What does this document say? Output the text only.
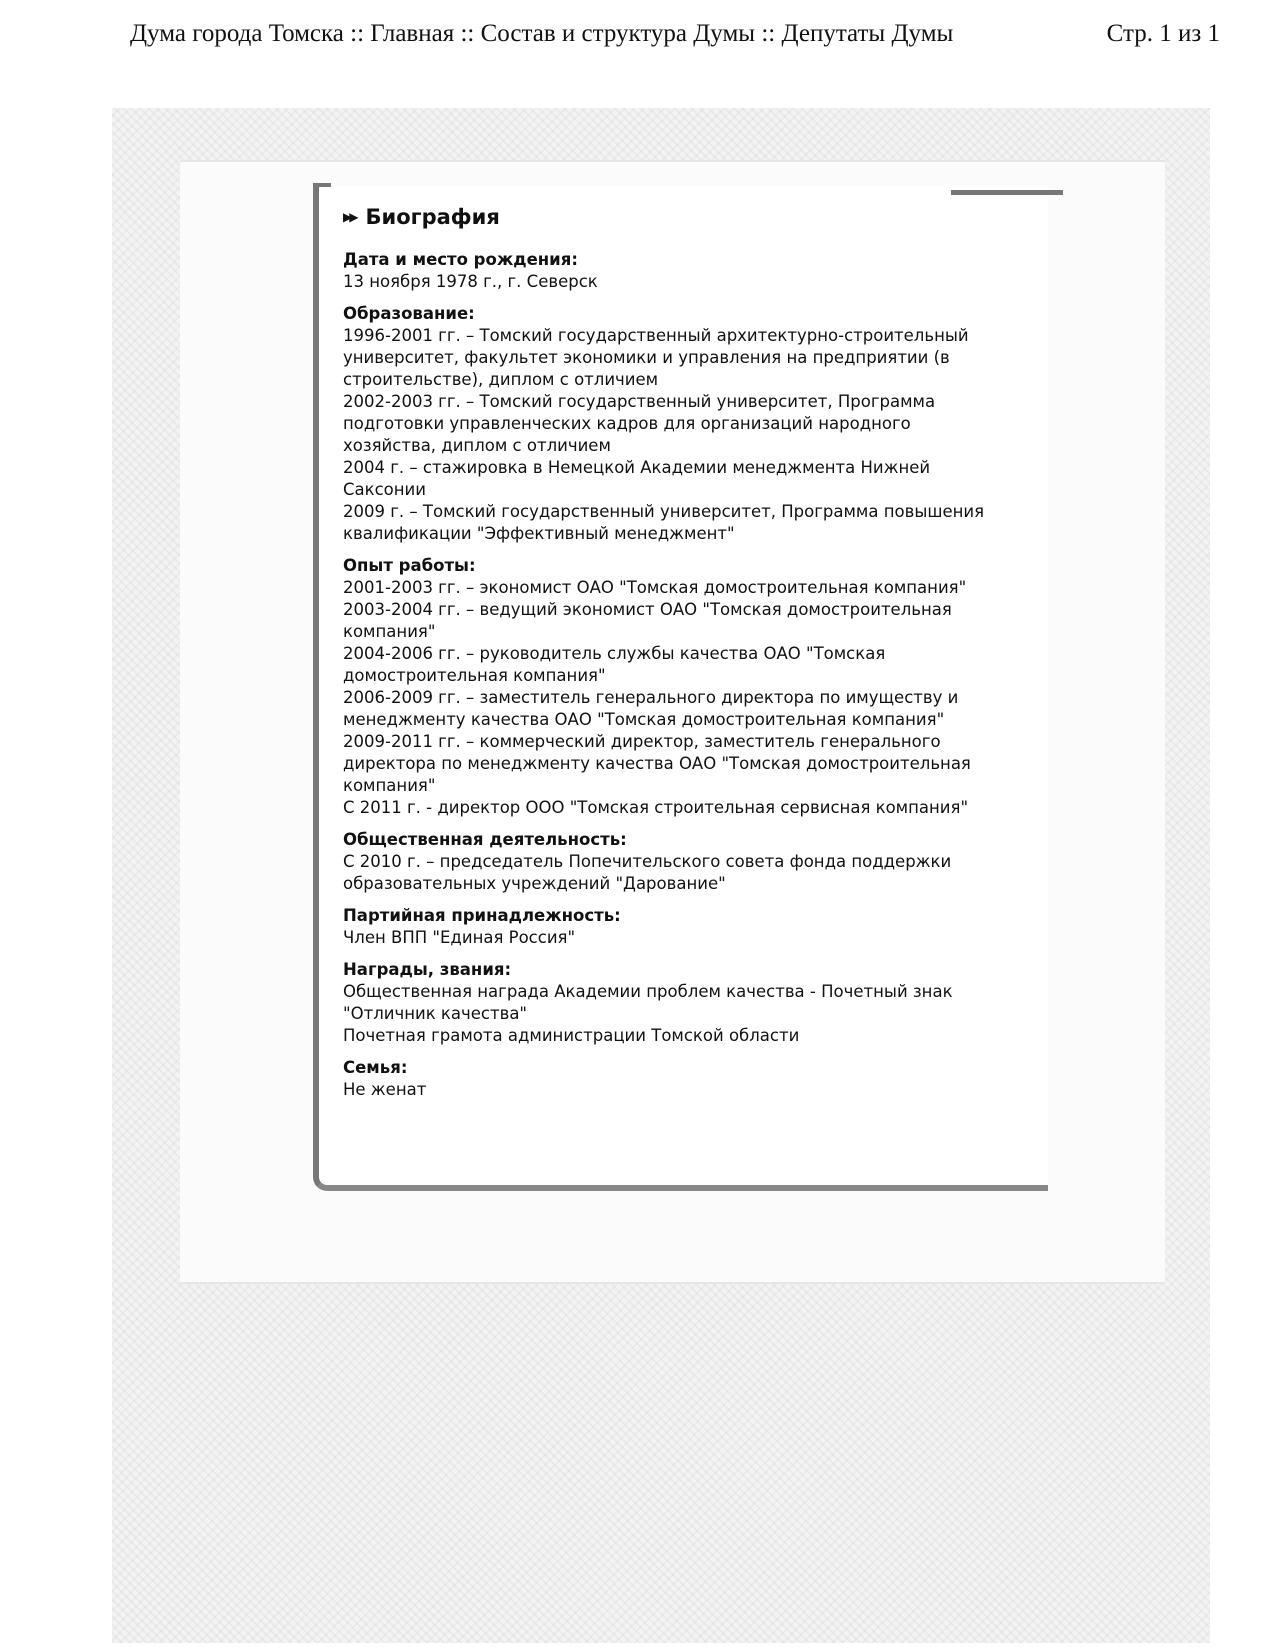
Дума города Томска :: Главная :: Состав и структура Думы :: Депутаты Думы	Стр. 1 из 1
▶▶ Биография
Дата и место рождения:
13 ноября 1978 г., г. Северск
Образование:
1996-2001 гг. – Томский государственный архитектурно-строительный
университет, факультет экономики и управления на предприятии (в
строительстве), диплом с отличием
2002-2003 гг. – Томский государственный университет, Программа
подготовки управленческих кадров для организаций народного
хозяйства, диплом с отличием
2004 г. – стажировка в Немецкой Академии менеджмента Нижней
Саксонии
2009 г. – Томский государственный университет, Программа повышения
квалификации "Эффективный менеджмент"
Опыт работы:
2001-2003 гг. – экономист ОАО "Томская домостроительная компания"
2003-2004 гг. – ведущий экономист ОАО "Томская домостроительная
компания"
2004-2006 гг. – руководитель службы качества ОАО "Томская
домостроительная компания"
2006-2009 гг. – заместитель генерального директора по имуществу и
менеджменту качества ОАО "Томская домостроительная компания"
2009-2011 гг. – коммерческий директор, заместитель генерального
директора по менеджменту качества ОАО "Томская домостроительная
компания"
С 2011 г. - директор ООО "Томская строительная сервисная компания"
Общественная деятельность:
С 2010 г. – председатель Попечительского совета фонда поддержки
образовательных учреждений "Дарование"
Партийная принадлежность:
Член ВПП "Единая Россия"
Награды, звания:
Общественная награда Академии проблем качества - Почетный знак
"Отличник качества"
Почетная грамота администрации Томской области
Семья:
Не женат
